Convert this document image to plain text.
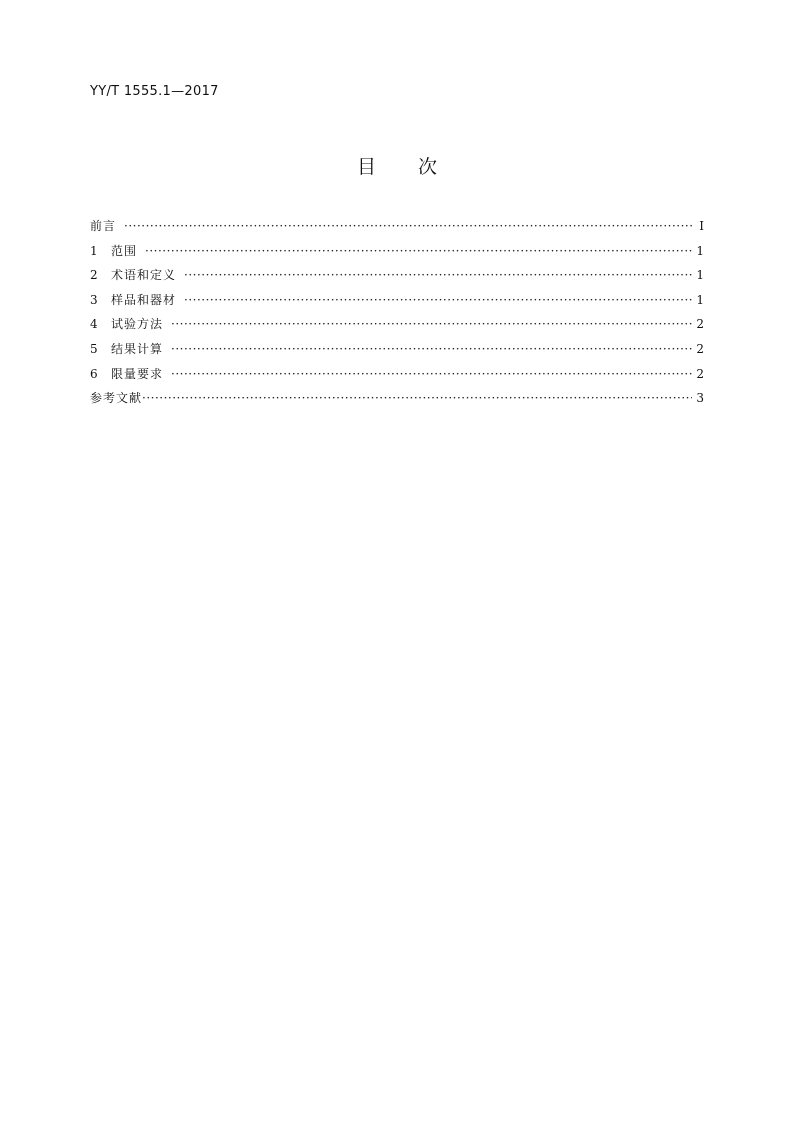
YY/T 1555.1—2017
目 次
前言 ·····	Ⅰ
1	范围 ·····	1
2	术语和定义 ·····	1
3	样品和器材 ·····	1
4	试验方法 ·····	2
5	结果计算 ·····	2
6	限量要求 ·····	2
参考文献 ·····	3
